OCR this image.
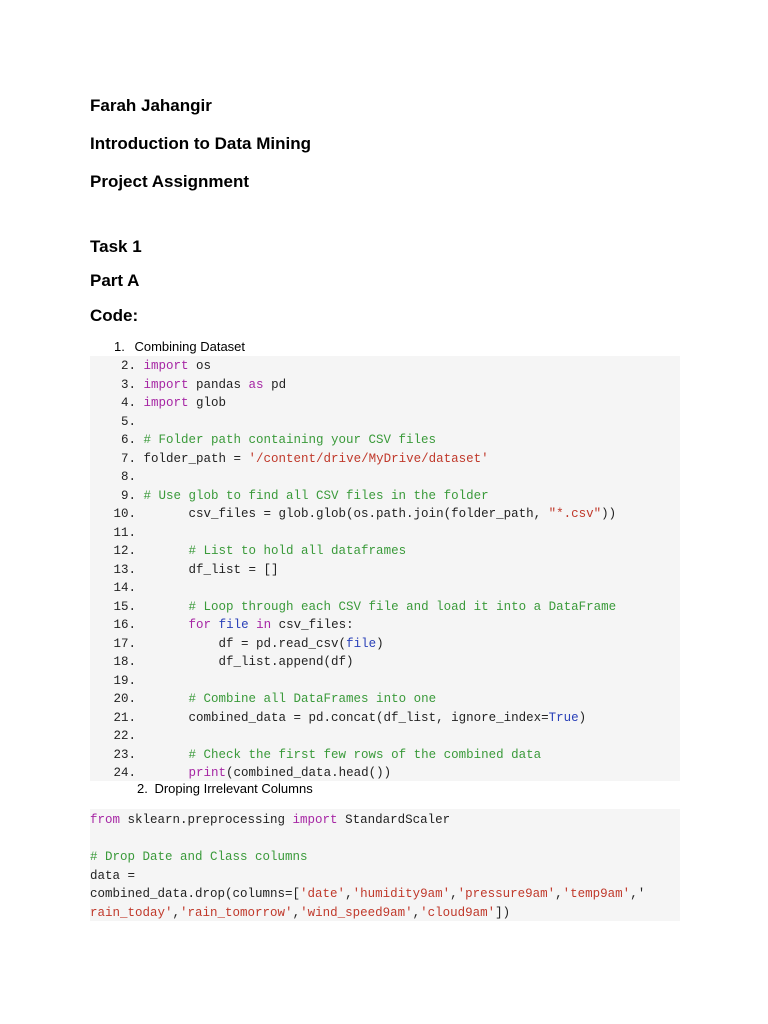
Farah Jahangir
Introduction to Data Mining
Project Assignment
Task 1
Part A
Code:
1. Combining Dataset
2. import os
3. import pandas as pd
4. import glob
5.
6. # Folder path containing your CSV files
7. folder_path = '/content/drive/MyDrive/dataset'
8.
9. # Use glob to find all CSV files in the folder
10.       csv_files = glob.glob(os.path.join(folder_path, "*.csv"))
11.
12.	# List to hold all dataframes
13.       df_list = []
14.
15.	# Loop through each CSV file and load it into a DataFrame
16.	for file in csv_files:
17.           df = pd.read_csv(file)
18.           df_list.append(df)
19.
20.	# Combine all DataFrames into one
21.       combined_data = pd.concat(df_list, ignore_index=True)
22.
23.	# Check the first few rows of the combined data
24.	print(combined_data.head())
2. Droping Irrelevant Columns
from sklearn.preprocessing import StandardScaler
# Drop Date and Class columns
data =
combined_data.drop(columns=['date','humidity9am','pressure9am','temp9am','
rain_today','rain_tomorrow','wind_speed9am','cloud9am'])
